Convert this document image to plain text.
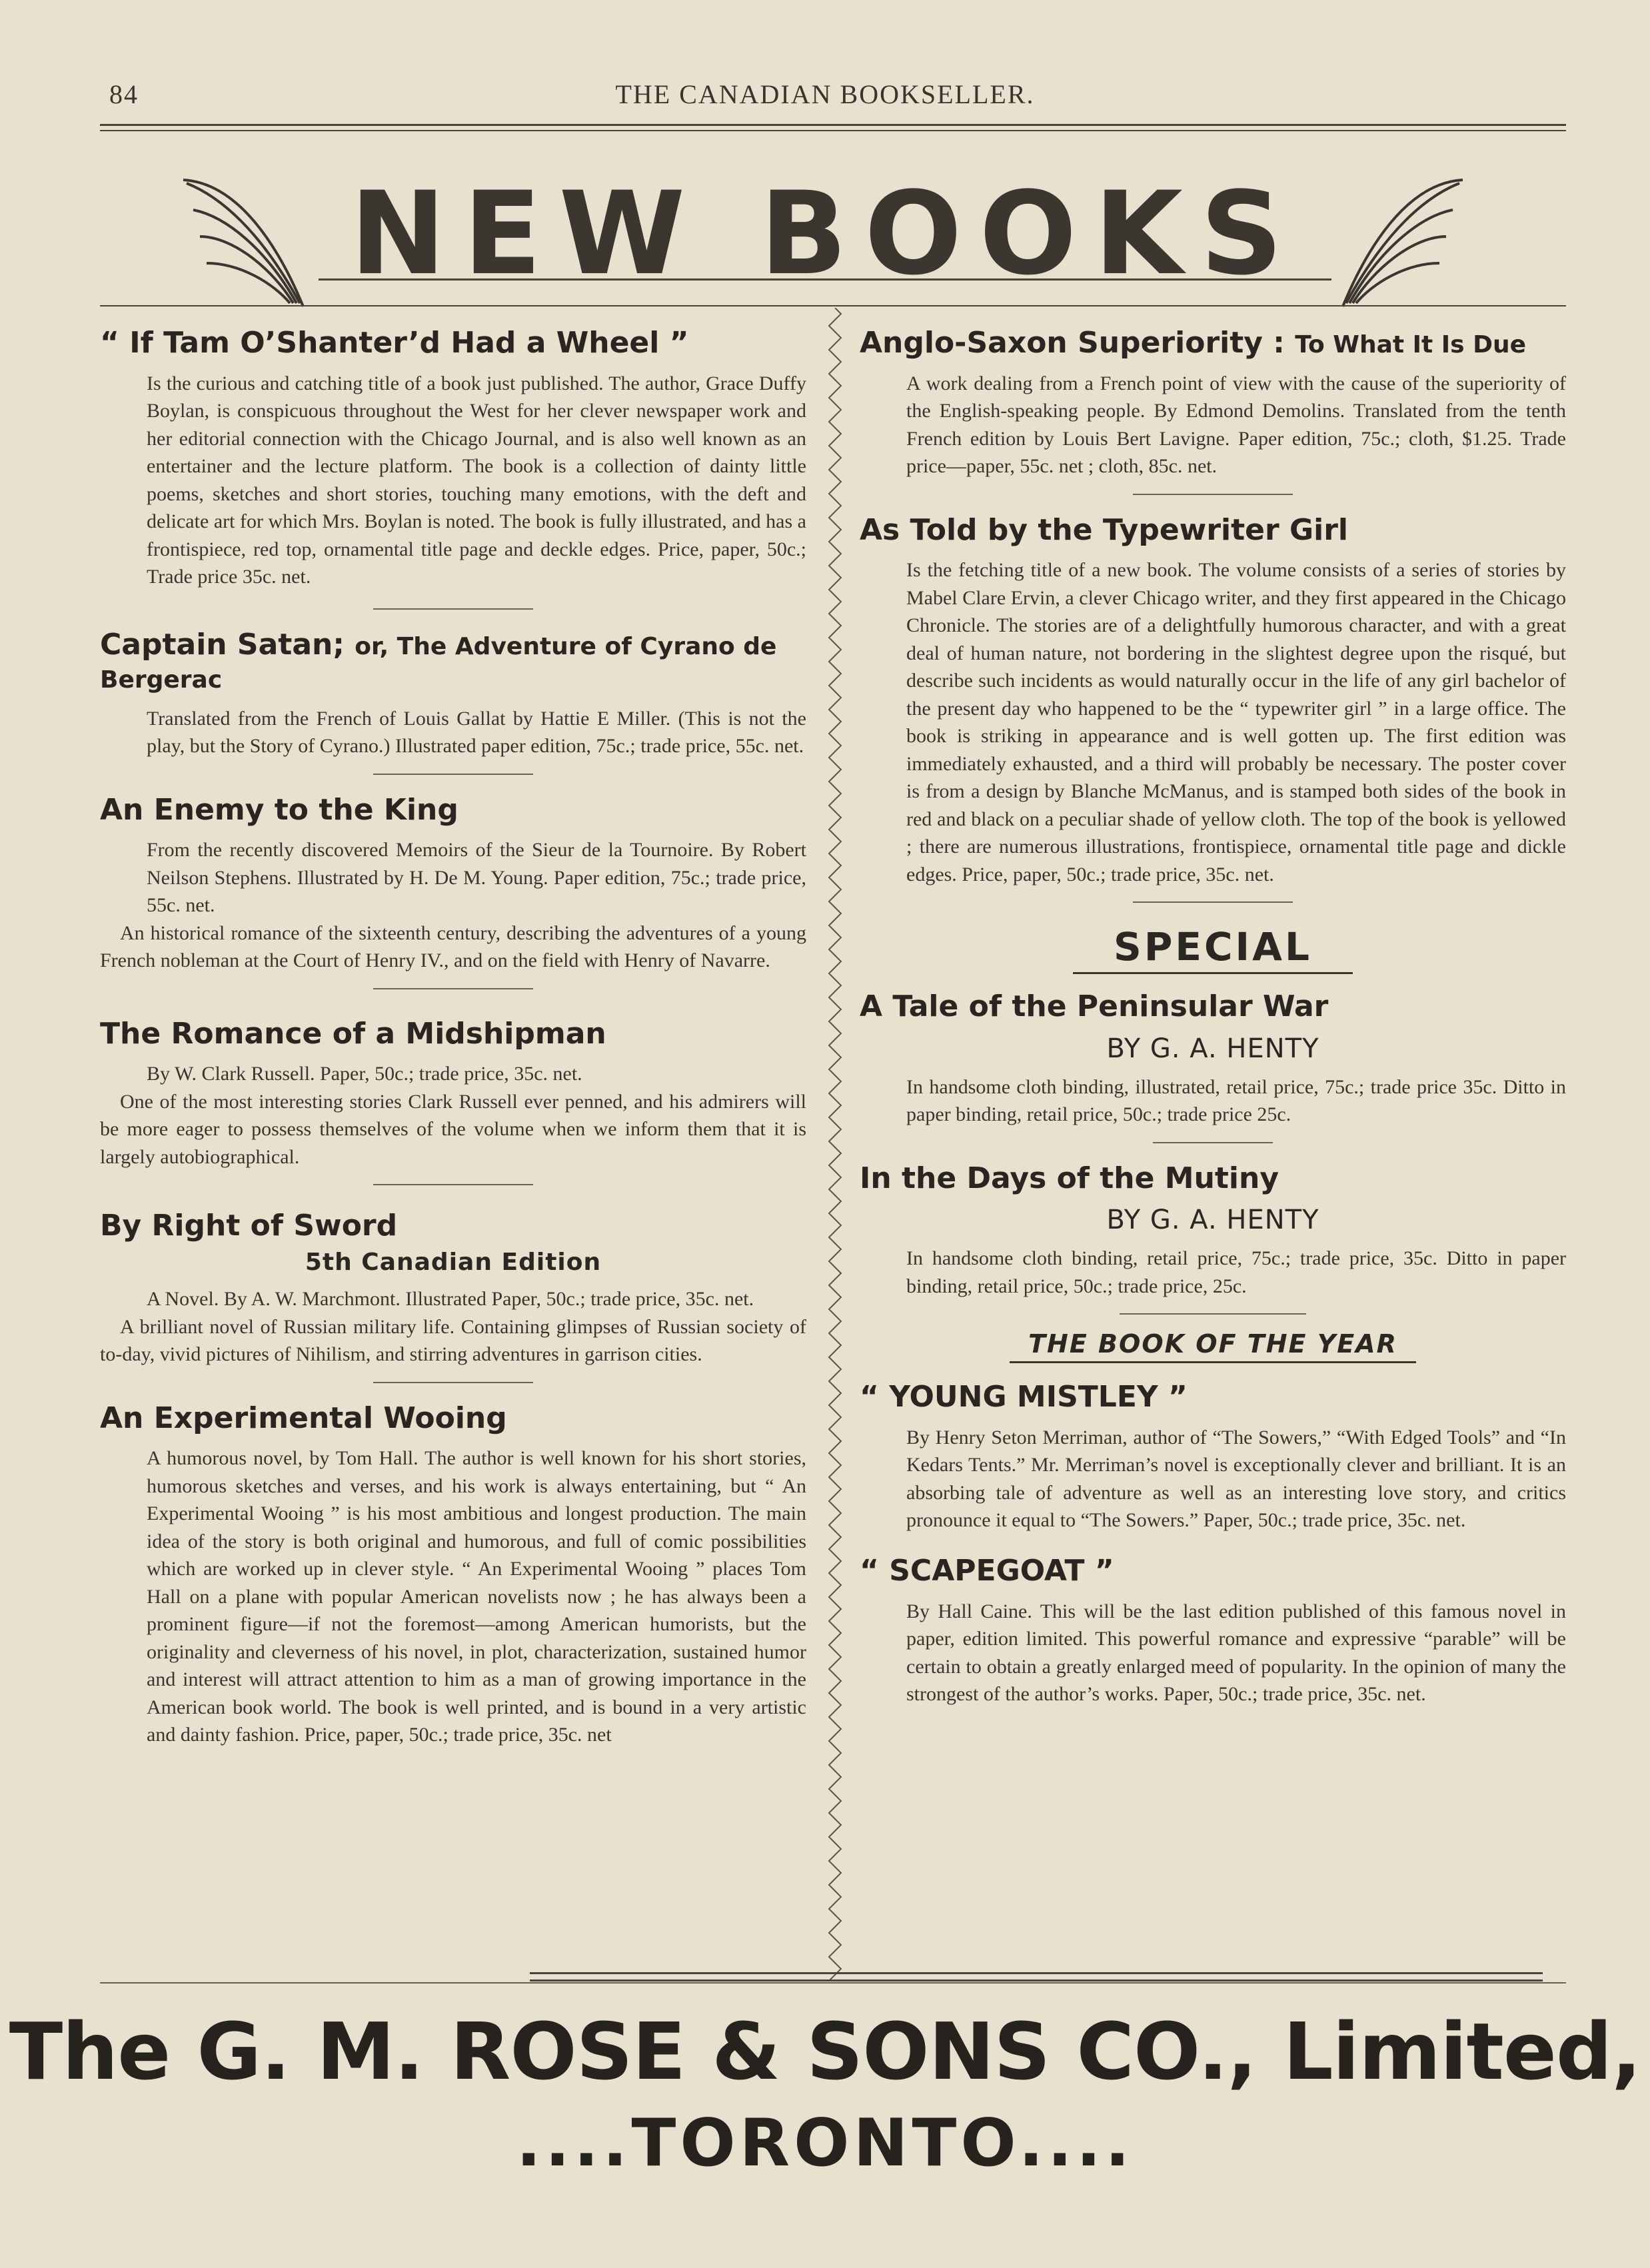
84	THE CANADIAN BOOKSELLER.
NEW BOOKS
“ If Tam O’Shanter’d Had a Wheel ”

Is the curious and catching title of a book just published. The author, Grace Duffy Boylan, is conspicuous throughout the West for her clever newspaper work and her editorial connection with the Chicago Journal, and is also well known as an entertainer and the lecture platform. The book is a collection of dainty little poems, sketches and short stories, touching many emotions, with the deft and delicate art for which Mrs. Boylan is noted. The book is fully illustrated, and has a frontispiece, red top, ornamental title page and deckle edges. Price, paper, 50c.; Trade price 35c. net.

Captain Satan; or, The Adventure of Cyrano de Bergerac

Translated from the French of Louis Gallat by Hattie E Miller. (This is not the play, but the Story of Cyrano.) Illustrated paper edition, 75c.; trade price, 55c. net.

An Enemy to the King

From the recently discovered Memoirs of the Sieur de la Tournoire. By Robert Neilson Stephens. Illustrated by H. De M. Young. Paper edition, 75c.; trade price, 55c. net.

An historical romance of the sixteenth century, describing the adventures of a young French nobleman at the Court of Henry IV., and on the field with Henry of Navarre.

The Romance of a Midshipman

By W. Clark Russell. Paper, 50c.; trade price, 35c. net.

One of the most interesting stories Clark Russell ever penned, and his admirers will be more eager to possess themselves of the volume when we inform them that it is largely autobiographical.

By Right of Sword
5th Canadian Edition

A Novel. By A. W. Marchmont. Illustrated Paper, 50c.; trade price, 35c. net.

A brilliant novel of Russian military life. Containing glimpses of Russian society of to-day, vivid pictures of Nihilism, and stirring adventures in garrison cities.

An Experimental Wooing

A humorous novel, by Tom Hall. The author is well known for his short stories, humorous sketches and verses, and his work is always entertaining, but “ An Experimental Wooing ” is his most ambitious and longest production. The main idea of the story is both original and humorous, and full of comic possibilities which are worked up in clever style. “ An Experimental Wooing ” places Tom Hall on a plane with popular American novelists now ; he has always been a prominent figure—if not the foremost—among American humorists, but the originality and cleverness of his novel, in plot, characterization, sustained humor and interest will attract attention to him as a man of growing importance in the American book world. The book is well printed, and is bound in a very artistic and dainty fashion. Price, paper, 50c.; trade price, 35c. net

Anglo-Saxon Superiority : To What It Is Due

A work dealing from a French point of view with the cause of the superiority of the English-speaking people. By Edmond Demolins. Translated from the tenth French edition by Louis Bert Lavigne. Paper edition, 75c.; cloth, $1.25. Trade price—paper, 55c. net ; cloth, 85c. net.

As Told by the Typewriter Girl

Is the fetching title of a new book. The volume consists of a series of stories by Mabel Clare Ervin, a clever Chicago writer, and they first appeared in the Chicago Chronicle. The stories are of a delightfully humorous character, and with a great deal of human nature, not bordering in the slightest degree upon the risqué, but describe such incidents as would naturally occur in the life of any girl bachelor of the present day who happened to be the “ typewriter girl ” in a large office. The book is striking in appearance and is well gotten up. The first edition was immediately exhausted, and a third will probably be necessary. The poster cover is from a design by Blanche McManus, and is stamped both sides of the book in red and black on a peculiar shade of yellow cloth. The top of the book is yellowed ; there are numerous illustrations, frontispiece, ornamental title page and dickle edges. Price, paper, 50c.; trade price, 35c. net.

SPECIAL
A Tale of the Peninsular War
BY G. A. HENTY

In handsome cloth binding, illustrated, retail price, 75c.; trade price 35c. Ditto in paper binding, retail price, 50c.; trade price 25c.

In the Days of the Mutiny
BY G. A. HENTY

In handsome cloth binding, retail price, 75c.; trade price, 35c. Ditto in paper binding, retail price, 50c.; trade price, 25c.

THE BOOK OF THE YEAR
“ YOUNG MISTLEY ”

By Henry Seton Merriman, author of “The Sowers,” “With Edged Tools” and “In Kedars Tents.” Mr. Merriman’s novel is exceptionally clever and brilliant. It is an absorbing tale of adventure as well as an interesting love story, and critics pronounce it equal to “The Sowers.” Paper, 50c.; trade price, 35c. net.

“ SCAPEGOAT ”

By Hall Caine. This will be the last edition published of this famous novel in paper, edition limited. This powerful romance and expressive “parable” will be certain to obtain a greatly enlarged meed of popularity. In the opinion of many the strongest of the author’s works. Paper, 50c.; trade price, 35c. net.

The G. M. ROSE & SONS CO., Limited,
....TORONTO....
